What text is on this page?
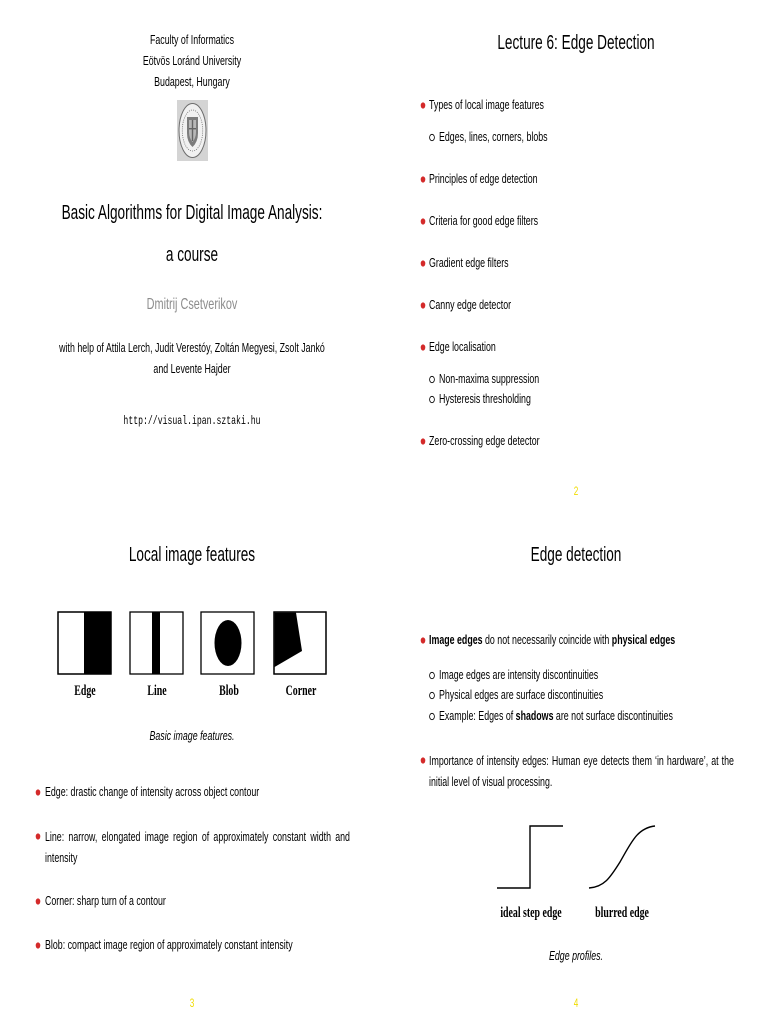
Faculty of Informatics
Eötvös Loránd University
Budapest, Hungary
Basic Algorithms for Digital Image Analysis:
a course
Dmitrij Csetverikov
with help of Attila Lerch, Judit Verestóy, Zoltán Megyesi, Zsolt Jankó
and Levente Hajder
http://visual.ipan.sztaki.hu
Lecture 6: Edge Detection
Types of local image features
Edges, lines, corners, blobs
Principles of edge detection
Criteria for good edge filters
Gradient edge filters
Canny edge detector
Edge localisation
Non-maxima suppression
Hysteresis thresholding
Zero-crossing edge detector
2
Local image features
Edge	Line	Blob	Corner
Basic image features.
Edge: drastic change of intensity across object contour
Line: narrow, elongated image region of approximately constant width and intensity
Corner: sharp turn of a contour
Blob: compact image region of approximately constant intensity
3
Edge detection
Image edges do not necessarily coincide with physical edges
Image edges are intensity discontinuities
Physical edges are surface discontinuities
Example: Edges of shadows are not surface discontinuities
Importance of intensity edges: Human eye detects them ‘in hardware’, at the initial level of visual processing.
ideal step edge	blurred edge
Edge profiles.
4
